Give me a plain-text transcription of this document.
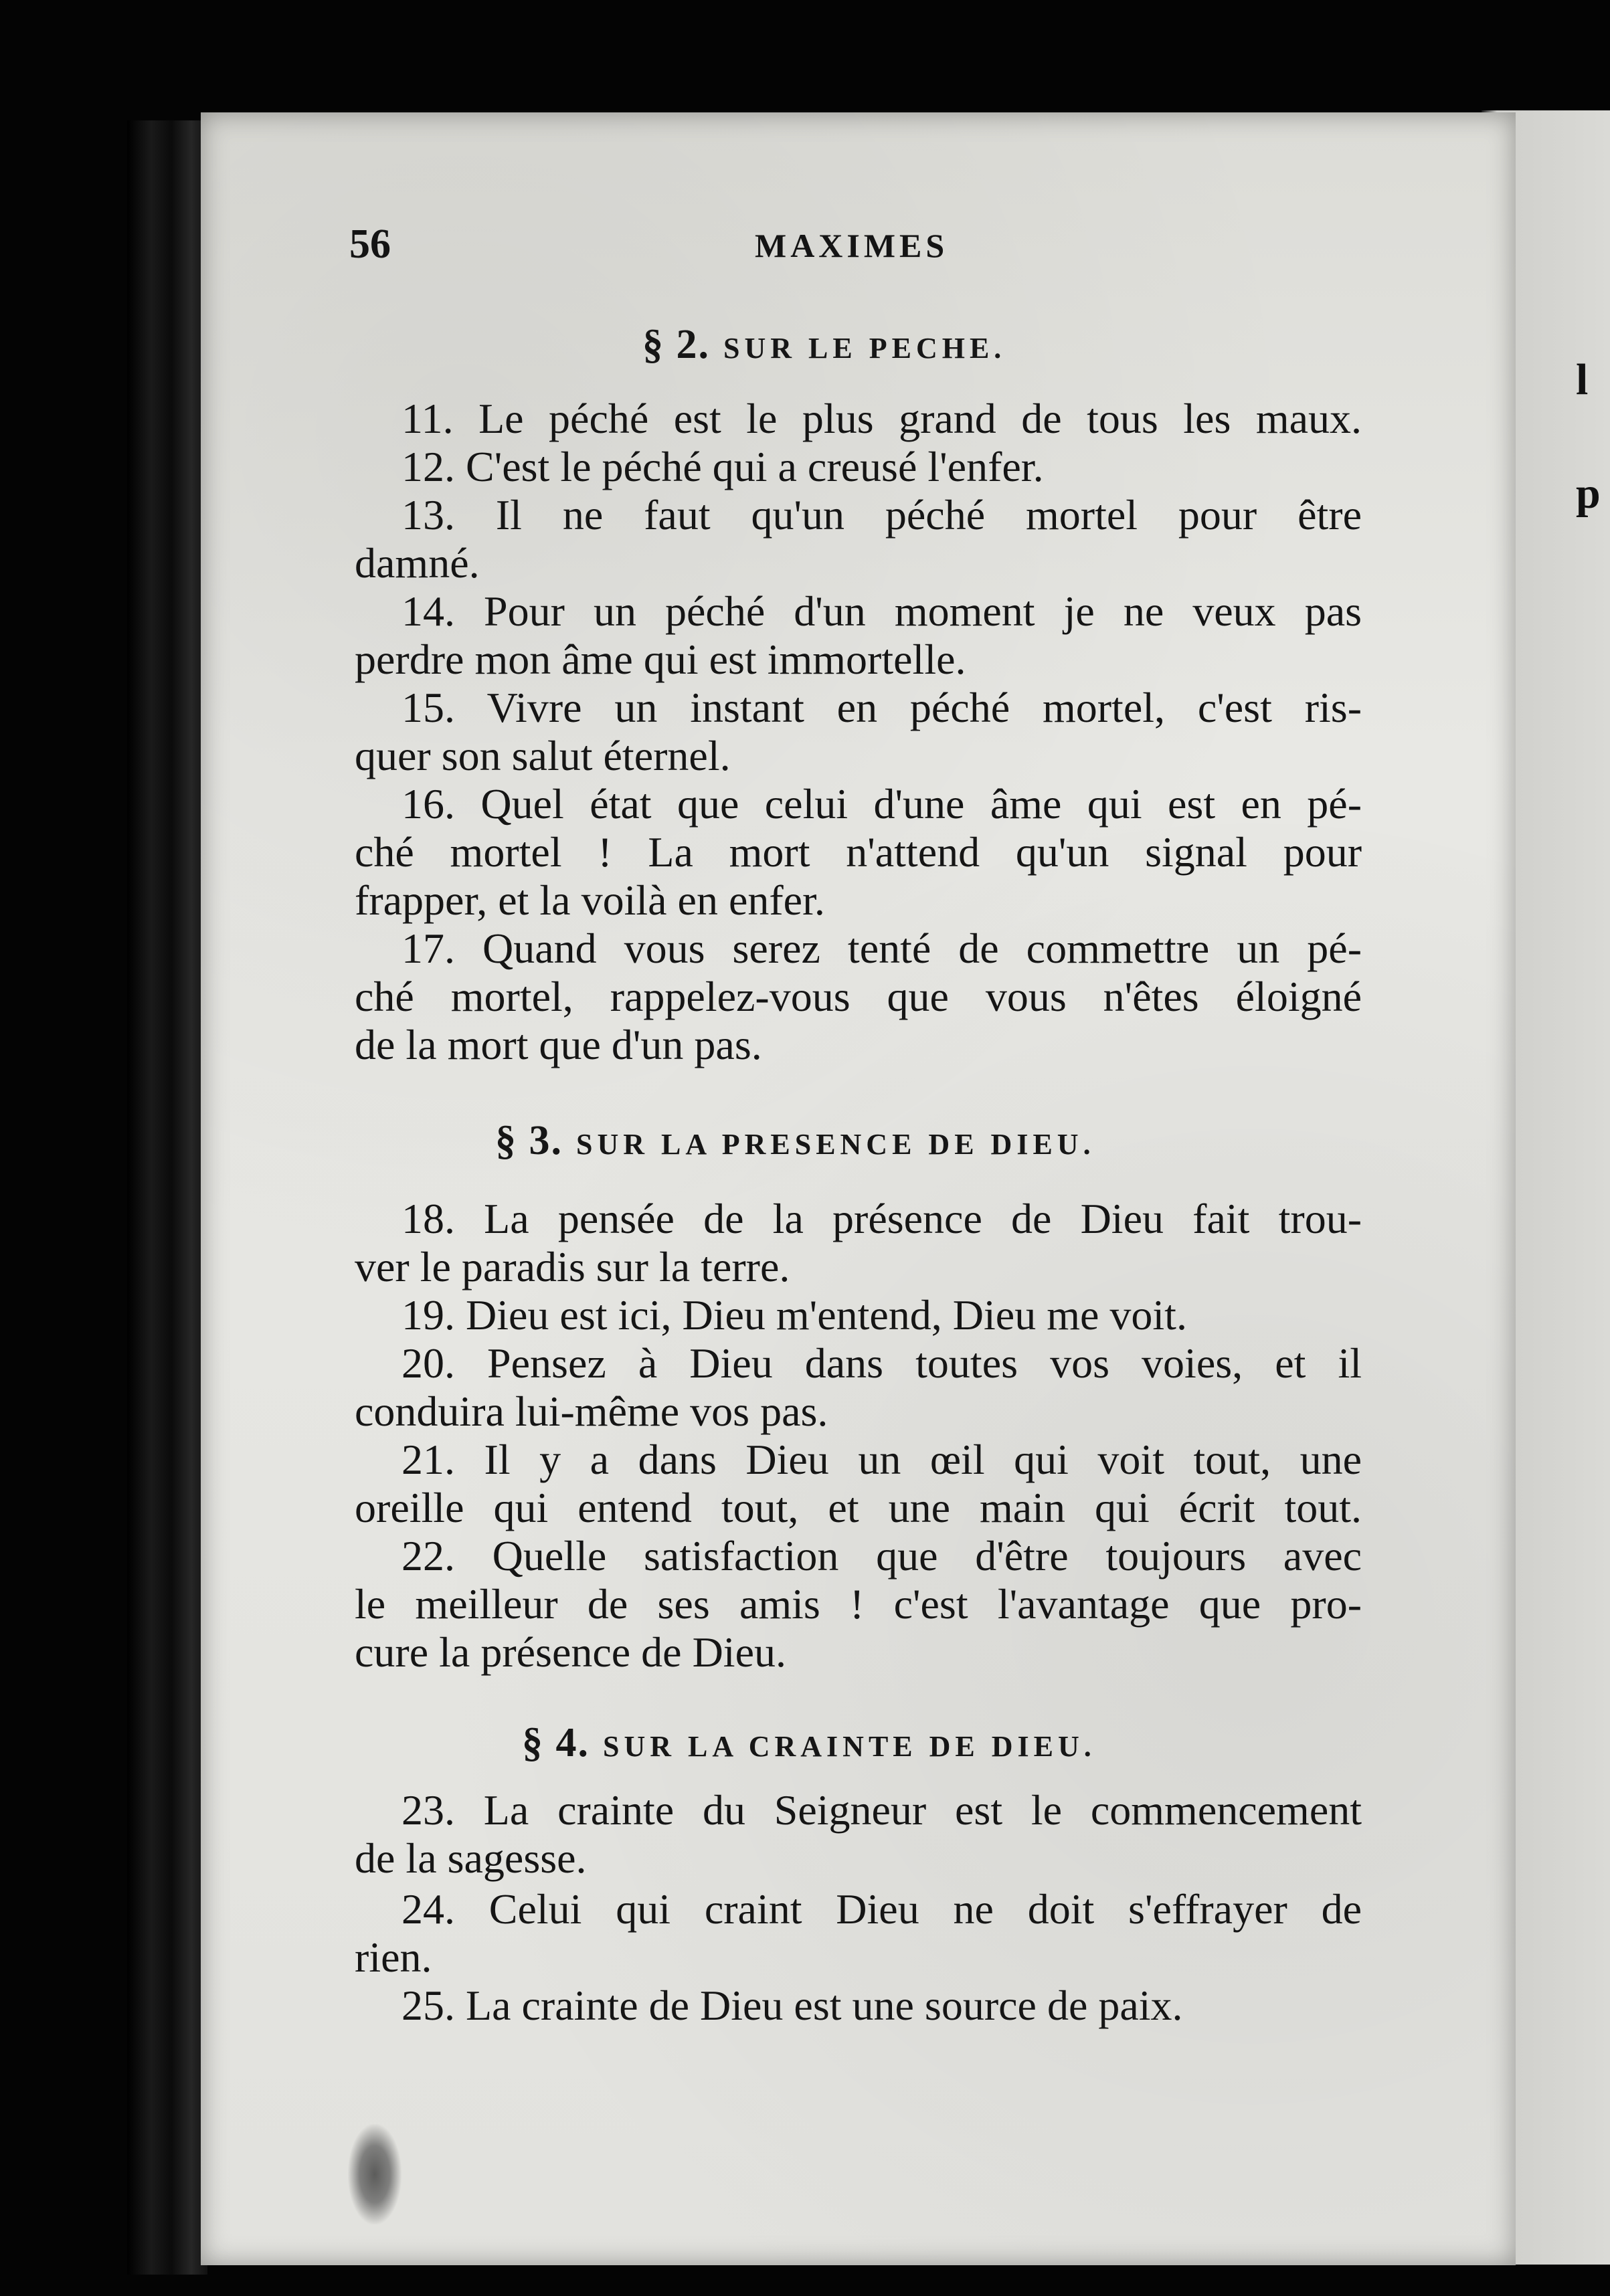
l
p
56	MAXIMES
§ 2. SUR LE PECHE.
11. Le péché est le plus grand de tous les maux.
12. C'est le péché qui a creusé l'enfer.
13. Il ne faut qu'un péché mortel pour être
damné.
14. Pour un péché d'un moment je ne veux pas
perdre mon âme qui est immortelle.
15. Vivre un instant en péché mortel, c'est ris-
quer son salut éternel.
16. Quel état que celui d'une âme qui est en pé-
ché mortel ! La mort n'attend qu'un signal pour
frapper, et la voilà en enfer.
17. Quand vous serez tenté de commettre un pé-
ché mortel, rappelez-vous que vous n'êtes éloigné
de la mort que d'un pas.
§ 3. SUR LA PRESENCE DE DIEU.
18. La pensée de la présence de Dieu fait trou-
ver le paradis sur la terre.
19. Dieu est ici, Dieu m'entend, Dieu me voit.
20. Pensez à Dieu dans toutes vos voies, et il
conduira lui-même vos pas.
21. Il y a dans Dieu un œil qui voit tout, une
oreille qui entend tout, et une main qui écrit tout.
22. Quelle satisfaction que d'être toujours avec
le meilleur de ses amis ! c'est l'avantage que pro-
cure la présence de Dieu.
§ 4. SUR LA CRAINTE DE DIEU.
23. La crainte du Seigneur est le commencement
de la sagesse.
24. Celui qui craint Dieu ne doit s'effrayer de
rien.
25. La crainte de Dieu est une source de paix.
